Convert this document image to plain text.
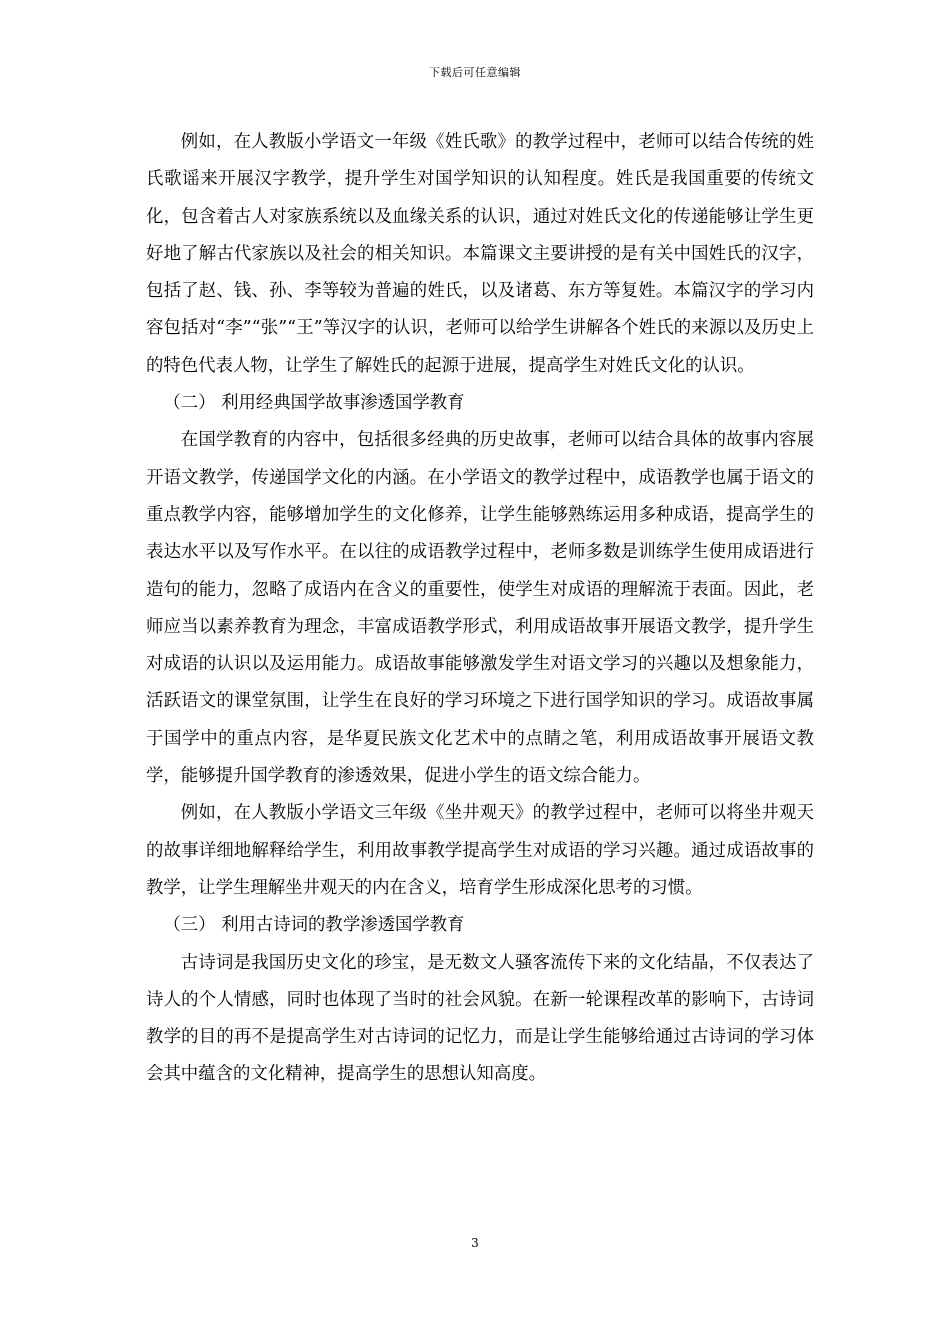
下载后可任意编辑

例如，在人教版小学语文一年级《姓氏歌》的教学过程中，老师可以结合传统的姓氏歌谣来开展汉字教学，提升学生对国学知识的认知程度。姓氏是我国重要的传统文化，包含着古人对家族系统以及血缘关系的认识，通过对姓氏文化的传递能够让学生更好地了解古代家族以及社会的相关知识。本篇课文主要讲授的是有关中国姓氏的汉字，包括了赵、钱、孙、李等较为普遍的姓氏，以及诸葛、东方等复姓。本篇汉字的学习内容包括对“李”“张”“王”等汉字的认识，老师可以给学生讲解各个姓氏的来源以及历史上的特色代表人物，让学生了解姓氏的起源于进展，提高学生对姓氏文化的认识。

（二） 利用经典国学故事渗透国学教育

在国学教育的内容中，包括很多经典的历史故事，老师可以结合具体的故事内容展开语文教学，传递国学文化的内涵。在小学语文的教学过程中，成语教学也属于语文的重点教学内容，能够增加学生的文化修养，让学生能够熟练运用多种成语，提高学生的表达水平以及写作水平。在以往的成语教学过程中，老师多数是训练学生使用成语进行造句的能力，忽略了成语内在含义的重要性，使学生对成语的理解流于表面。因此，老师应当以素养教育为理念，丰富成语教学形式，利用成语故事开展语文教学，提升学生对成语的认识以及运用能力。成语故事能够激发学生对语文学习的兴趣以及想象能力，活跃语文的课堂氛围，让学生在良好的学习环境之下进行国学知识的学习。成语故事属于国学中的重点内容，是华夏民族文化艺术中的点睛之笔，利用成语故事开展语文教学，能够提升国学教育的渗透效果，促进小学生的语文综合能力。

例如，在人教版小学语文三年级《坐井观天》的教学过程中，老师可以将坐井观天的故事详细地解释给学生，利用故事教学提高学生对成语的学习兴趣。通过成语故事的教学，让学生理解坐井观天的内在含义，培育学生形成深化思考的习惯。

（三） 利用古诗词的教学渗透国学教育

古诗词是我国历史文化的珍宝，是无数文人骚客流传下来的文化结晶，不仅表达了诗人的个人情感，同时也体现了当时的社会风貌。在新一轮课程改革的影响下，古诗词教学的目的再不是提高学生对古诗词的记忆力，而是让学生能够给通过古诗词的学习体会其中蕴含的文化精神，提高学生的思想认知高度。

3
